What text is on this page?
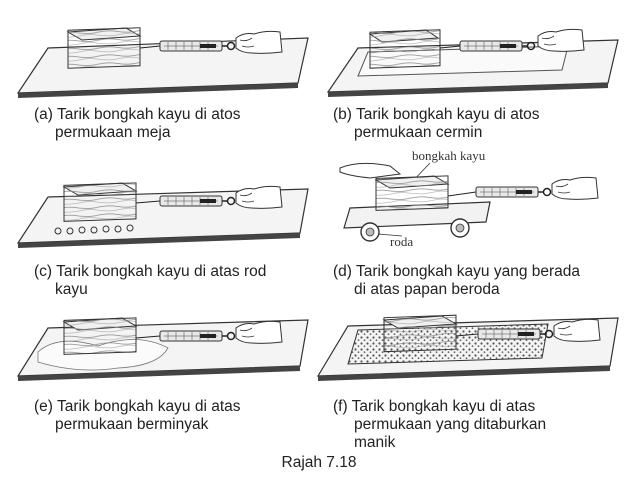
bongkah kayu
roda
(a) Tarik bongkah kayu di atos
permukaan meja
(b) Tarik bongkah kayu di atos
permukaan cermin
(c) Tarik bongkah kayu di atas rod
kayu
(d) Tarik bongkah kayu yang berada
di atas papan beroda
(e) Tarik bongkah kayu di atas
permukaan berminyak
(f) Tarik bongkah kayu di atas
permukaan yang ditaburkan
manik
Rajah 7.18
